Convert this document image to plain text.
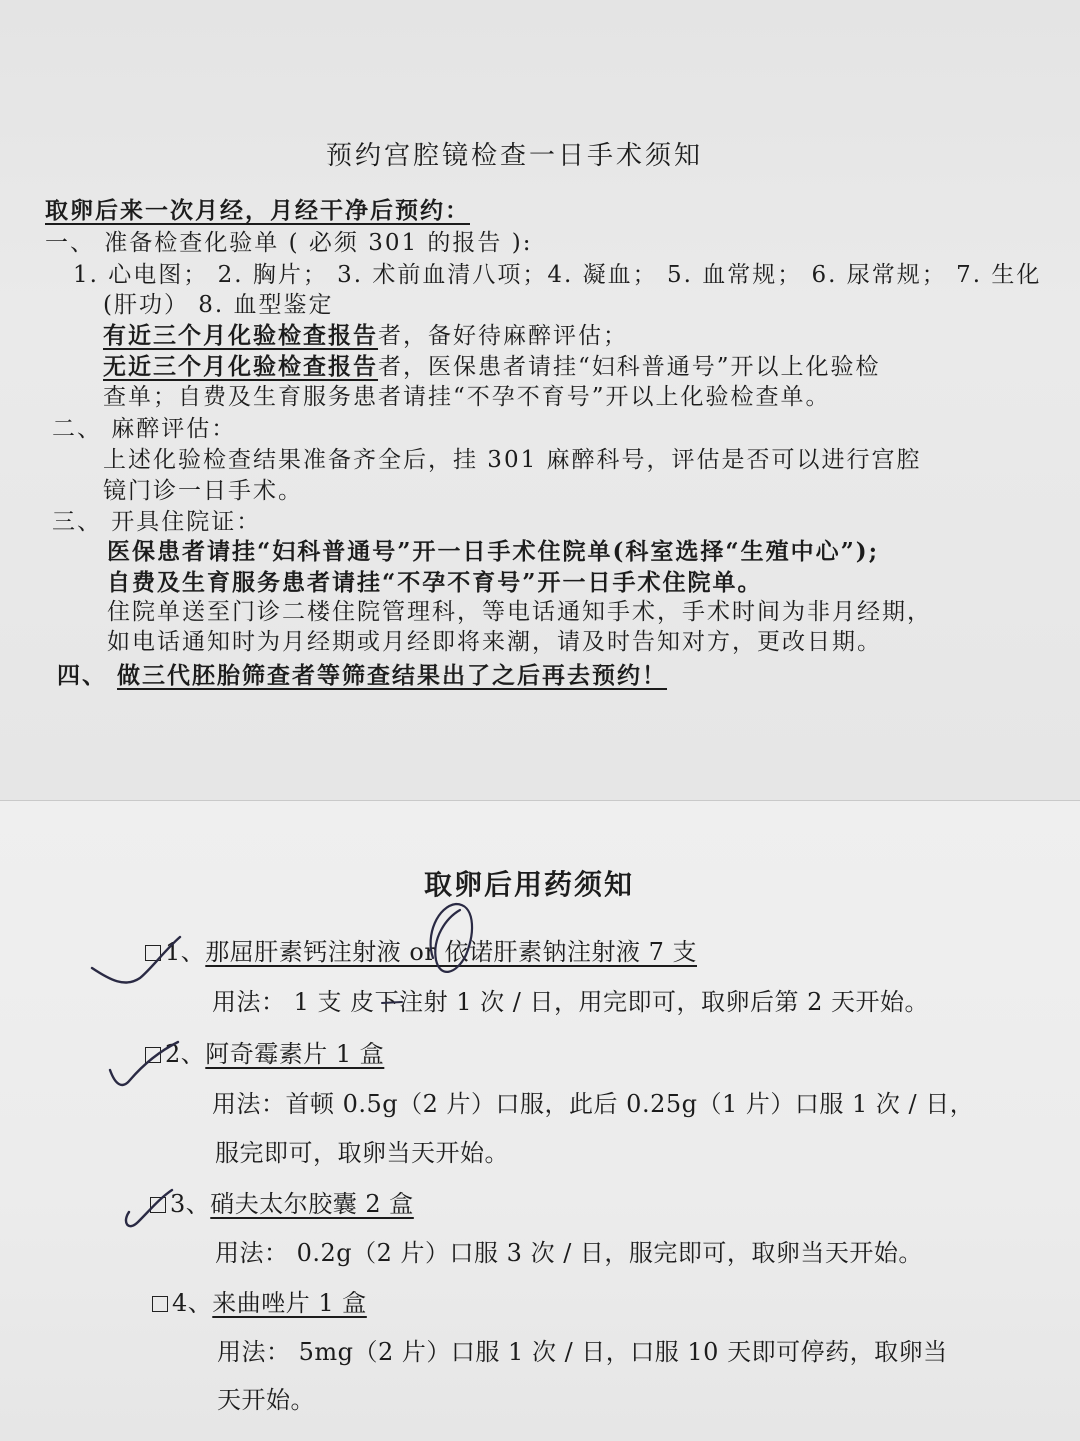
预约宫腔镜检查一日手术须知
取卵后来一次月经，月经干净后预约：
一、 准备检查化验单 ( 必须 301 的报告 ):
1. 心电图； 2. 胸片； 3. 术前血清八项；4. 凝血； 5. 血常规； 6. 尿常规； 7. 生化
(肝功） 8. 血型鉴定
有近三个月化验检查报告者，备好待麻醉评估；
无近三个月化验检查报告者，医保患者请挂“妇科普通号”开以上化验检
查单；自费及生育服务患者请挂“不孕不育号”开以上化验检查单。
二、 麻醉评估：
上述化验检查结果准备齐全后，挂 301 麻醉科号，评估是否可以进行宫腔
镜门诊一日手术。
三、 开具住院证：
医保患者请挂“妇科普通号”开一日手术住院单(科室选择“生殖中心”);
自费及生育服务患者请挂“不孕不育号”开一日手术住院单。
住院单送至门诊二楼住院管理科，等电话通知手术，手术时间为非月经期，
如电话通知时为月经期或月经即将来潮，请及时告知对方，更改日期。
四、 做三代胚胎筛查者等筛查结果出了之后再去预约！
取卵后用药须知
1、那屈肝素钙注射液 or 依诺肝素钠注射液 7 支
用法： 1 支 皮下注射 1 次 / 日，用完即可，取卵后第 2 天开始。
2、阿奇霉素片 1 盒
用法：首顿 0.5g（2 片）口服，此后 0.25g（1 片）口服 1 次 / 日，
服完即可，取卵当天开始。
3、硝夫太尔胶囊 2 盒
用法： 0.2g（2 片）口服 3 次 / 日，服完即可，取卵当天开始。
4、来曲唑片 1 盒
用法： 5mg（2 片）口服 1 次 / 日，口服 10 天即可停药，取卵当
天开始。
